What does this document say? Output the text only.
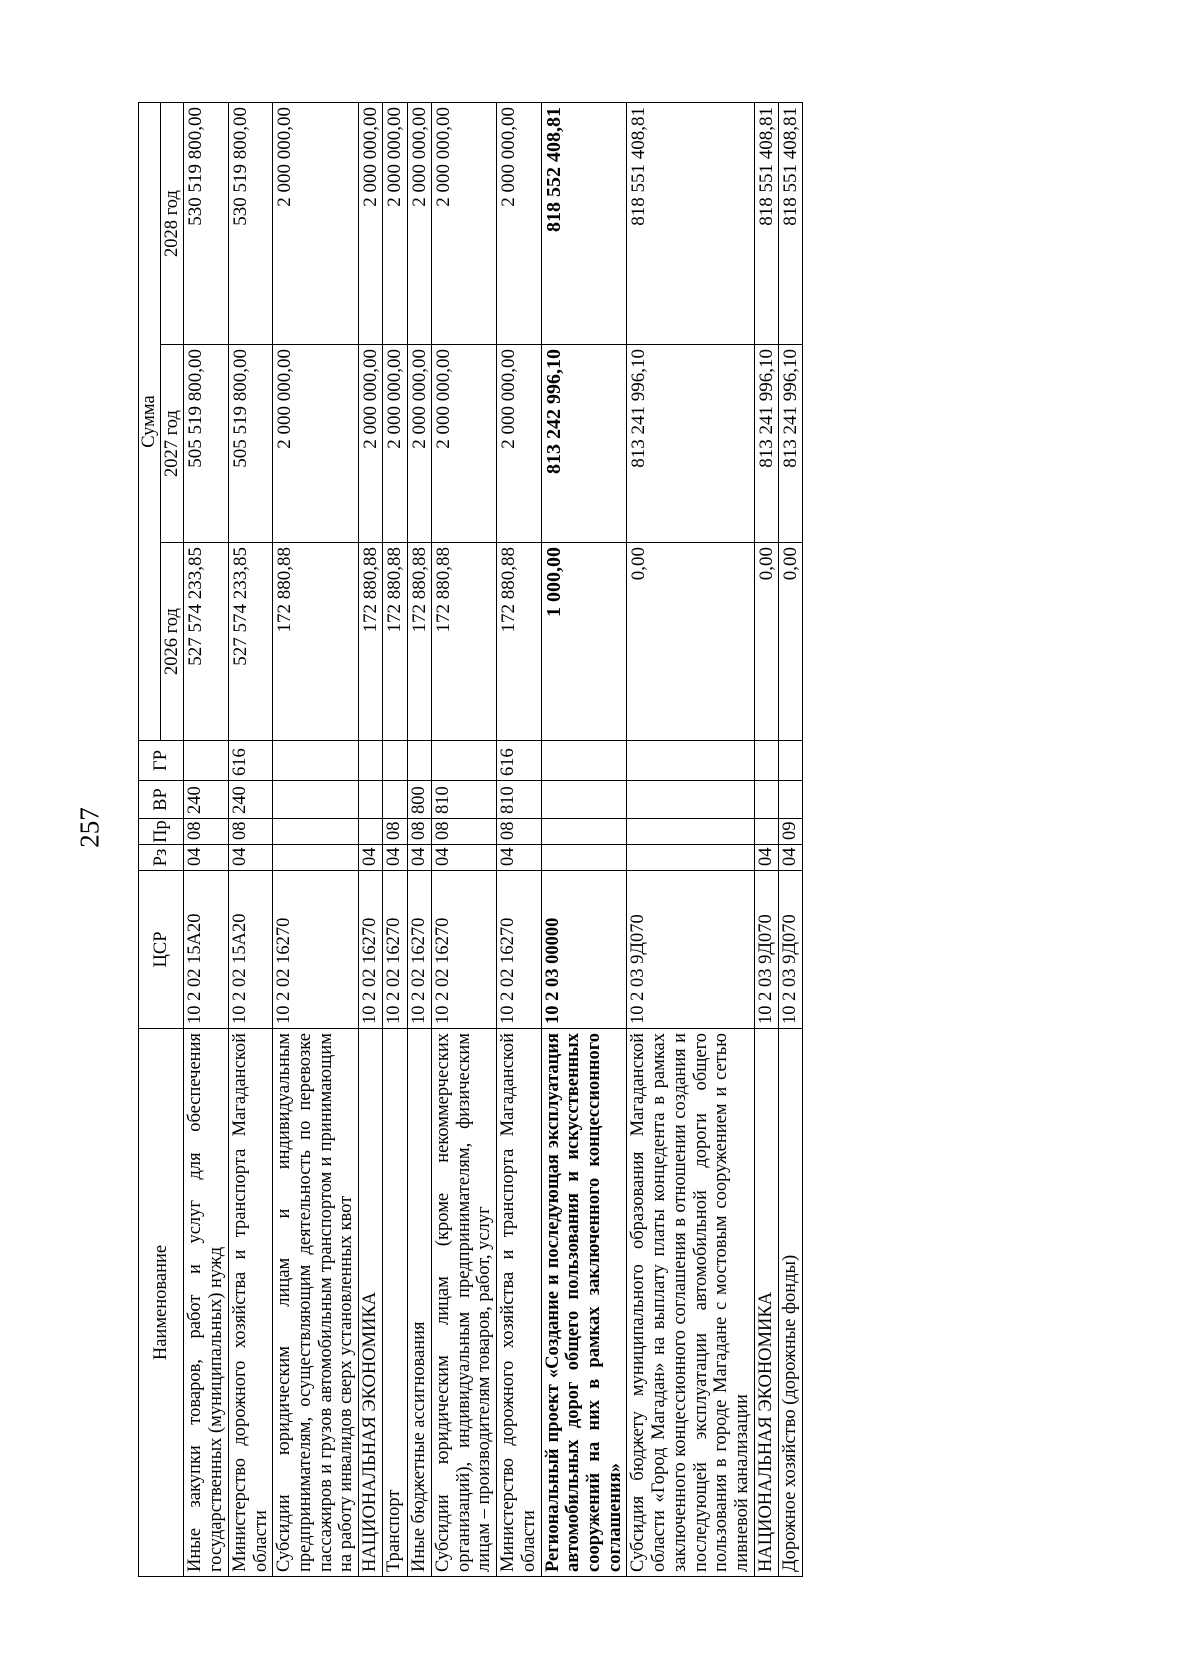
257
Наименование	ЦСР	Рз	Пр	ВР	ГР	Сумма		
						2026 год	2027 год	2028 год
Иные закупки товаров, работ и услуг для обеспечения государственных (муниципальных) нужд	10 2 02 15А20	04	08	240		527 574 233,85	505 519 800,00	530 519 800,00
Министерство дорожного хозяйства и транспорта Магаданской области	10 2 02 15А20	04	08	240	616	527 574 233,85	505 519 800,00	530 519 800,00
Субсидии юридическим лицам и индивидуальным предпринимателям, осуществляющим деятельность по перевозке пассажиров и грузов автомобильным транспортом и принимающим на работу инвалидов сверх установленных квот	10 2 02 16270					172 880,88	2 000 000,00	2 000 000,00
НАЦИОНАЛЬНАЯ ЭКОНОМИКА	10 2 02 16270	04				172 880,88	2 000 000,00	2 000 000,00
Транспорт	10 2 02 16270	04	08			172 880,88	2 000 000,00	2 000 000,00
Иные бюджетные ассигнования	10 2 02 16270	04	08	800		172 880,88	2 000 000,00	2 000 000,00
Субсидии юридическим лицам (кроме некоммерческих организаций), индивидуальным предпринимателям, физическим лицам – производителям товаров, работ, услуг	10 2 02 16270	04	08	810		172 880,88	2 000 000,00	2 000 000,00
Министерство дорожного хозяйства и транспорта Магаданской области	10 2 02 16270	04	08	810	616	172 880,88	2 000 000,00	2 000 000,00
Региональный проект «Создание и последующая эксплуатация автомобильных дорог общего пользования и искусственных сооружений на них в рамках заключенного концессионного соглашения»	10 2 03 00000					1 000,00	813 242 996,10	818 552 408,81
Субсидия бюджету муниципального образования Магаданской области «Город Магадан» на выплату платы концедента в рамках заключенного концессионного соглашения в отношении создания и последующей эксплуатации автомобильной дороги общего пользования в городе Магадане с мостовым сооружением и сетью ливневой канализации	10 2 03 9Д070					0,00	813 241 996,10	818 551 408,81
НАЦИОНАЛЬНАЯ ЭКОНОМИКА	10 2 03 9Д070	04				0,00	813 241 996,10	818 551 408,81
Дорожное хозяйство (дорожные фонды)	10 2 03 9Д070	04	09			0,00	813 241 996,10	818 551 408,81
